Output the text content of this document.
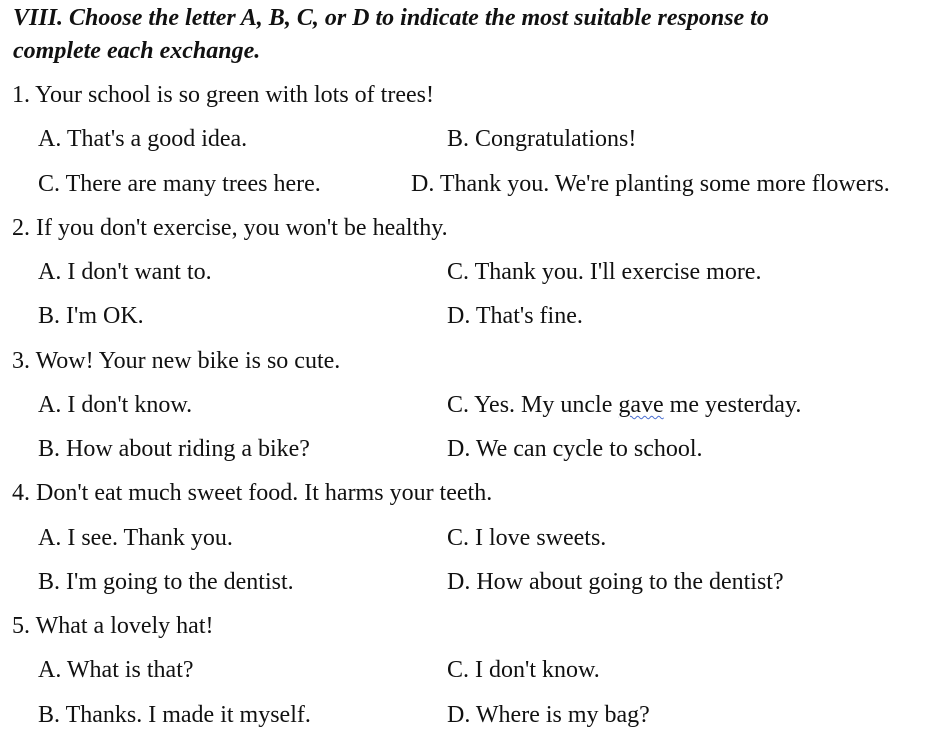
VIII. Choose the letter A, B, C, or D to indicate the most suitable response to
complete each exchange.
1. Your school is so green with lots of trees!
A. That's a good idea.	B. Congratulations!
C. There are many trees here.	D. Thank you. We're planting some more flowers.
2. If you don't exercise, you won't be healthy.
A. I don't want to.	C. Thank you. I'll exercise more.
B. I'm OK.	D. That's fine.
3. Wow! Your new bike is so cute.
A. I don't know.	C. Yes. My uncle gave me yesterday.
B. How about riding a bike?	D. We can cycle to school.
4. Don't eat much sweet food. It harms your teeth.
A. I see. Thank you.	C. I love sweets.
B. I'm going to the dentist.	D. How about going to the dentist?
5. What a lovely hat!
A. What is that?	C. I don't know.
B. Thanks. I made it myself.	D. Where is my bag?
